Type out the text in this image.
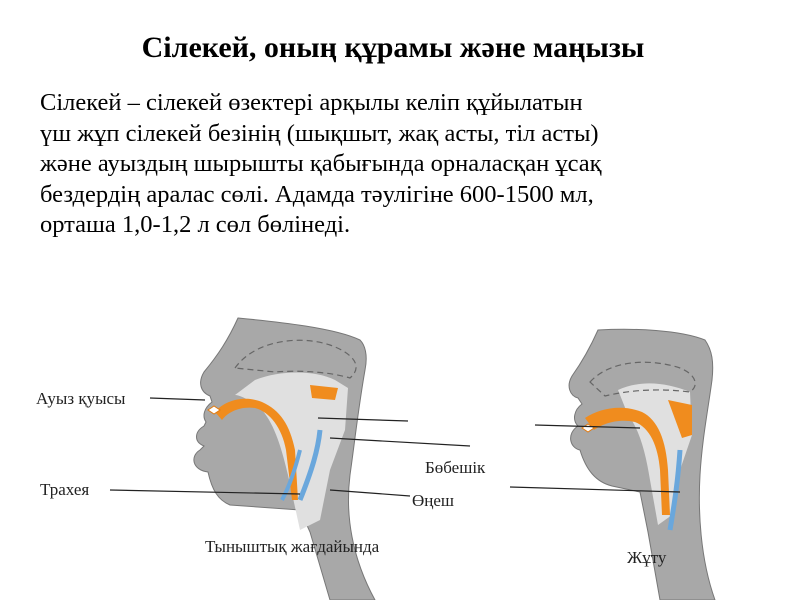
Сілекей, оның құрамы және маңызы
Сілекей – сілекей өзектері арқылы келіп құйылатын
үш жұп сілекей безінің (шықшыт, жақ асты, тіл асты)
және ауыздың шырышты қабығында орналасқан ұсақ
бездердің аралас сөлі. Адамда тәулігіне 600-1500 мл,
орташа 1,0-1,2 л сөл бөлінеді.
Ауыз қуысы
Трахея
Бөбешік
Өңеш
Тыныштық жағдайында
Жұту
